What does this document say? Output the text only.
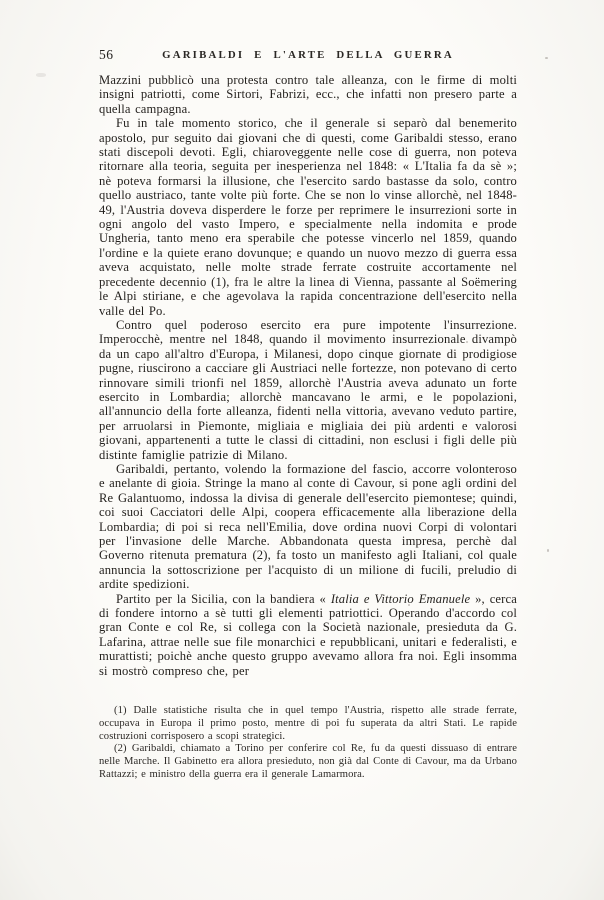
56	GARIBALDI E L'ARTE DELLA GUERRA

Mazzini pubblicò una protesta contro tale alleanza, con le firme di molti insigni patriotti, come Sirtori, Fabrizi, ecc., che infatti non presero parte a quella campagna.

Fu in tale momento storico, che il generale si separò dal benemerito apostolo, pur seguito dai giovani che di questi, come Garibaldi stesso, erano stati discepoli devoti. Egli, chiaroveggente nelle cose di guerra, non poteva ritornare alla teoria, seguita per inesperienza nel 1848: « L'Italia fa da sè »; nè poteva formarsi la illusione, che l'esercito sardo bastasse da solo, contro quello austriaco, tante volte più forte. Che se non lo vinse allorchè, nel 1848-49, l'Austria doveva disperdere le forze per reprimere le insurrezioni sorte in ogni angolo del vasto Impero, e specialmente nella indomita e prode Ungheria, tanto meno era sperabile che potesse vincerlo nel 1859, quando l'ordine e la quiete erano dovunque; e quando un nuovo mezzo di guerra essa aveva acquistato, nelle molte strade ferrate costruite accortamente nel precedente decennio (1), fra le altre la linea di Vienna, passante al Soëmering le Alpi stiriane, e che agevolava la rapida concentrazione dell'esercito nella valle del Po.

Contro quel poderoso esercito era pure impotente l'insurrezione. Imperocchè, mentre nel 1848, quando il movimento insurrezionale divampò da un capo all'altro d'Europa, i Milanesi, dopo cinque giornate di prodigiose pugne, riuscirono a cacciare gli Austriaci nelle fortezze, non potevano di certo rinnovare simili trionfi nel 1859, allorchè l'Austria aveva adunato un forte esercito in Lombardia; allorchè mancavano le armi, e le popolazioni, all'annuncio della forte alleanza, fidenti nella vittoria, avevano veduto partire, per arruolarsi in Piemonte, migliaia e migliaia dei più ardenti e valorosi giovani, appartenenti a tutte le classi di cittadini, non esclusi i figli delle più distinte famiglie patrizie di Milano.

Garibaldi, pertanto, volendo la formazione del fascio, accorre volonteroso e anelante di gioia. Stringe la mano al conte di Cavour, si pone agli ordini del Re Galantuomo, indossa la divisa di generale dell'esercito piemontese; quindi, coi suoi Cacciatori delle Alpi, coopera efficacemente alla liberazione della Lombardia; di poi si reca nell'Emilia, dove ordina nuovi Corpi di volontari per l'invasione delle Marche. Abbandonata questa impresa, perchè dal Governo ritenuta prematura (2), fa tosto un manifesto agli Italiani, col quale annuncia la sottoscrizione per l'acquisto di un milione di fucili, preludio di ardite spedizioni.

Partito per la Sicilia, con la bandiera « Italia e Vittorio Emanuele », cerca di fondere intorno a sè tutti gli elementi patriottici. Operando d'accordo col gran Conte e col Re, si collega con la Società nazionale, presieduta da G. Lafarina, attrae nelle sue file monarchici e repubblicani, unitari e federalisti, e murattisti; poichè anche questo gruppo avevamo allora fra noi. Egli insomma si mostrò compreso che, per

(1) Dalle statistiche risulta che in quel tempo l'Austria, rispetto alle strade ferrate, occupava in Europa il primo posto, mentre di poi fu superata da altri Stati. Le rapide costruzioni corrisposero a scopi strategici.

(2) Garibaldi, chiamato a Torino per conferire col Re, fu da questi dissuaso di entrare nelle Marche. Il Gabinetto era allora presieduto, non già dal Conte di Cavour, ma da Urbano Rattazzi; e ministro della guerra era il generale Lamarmora.
